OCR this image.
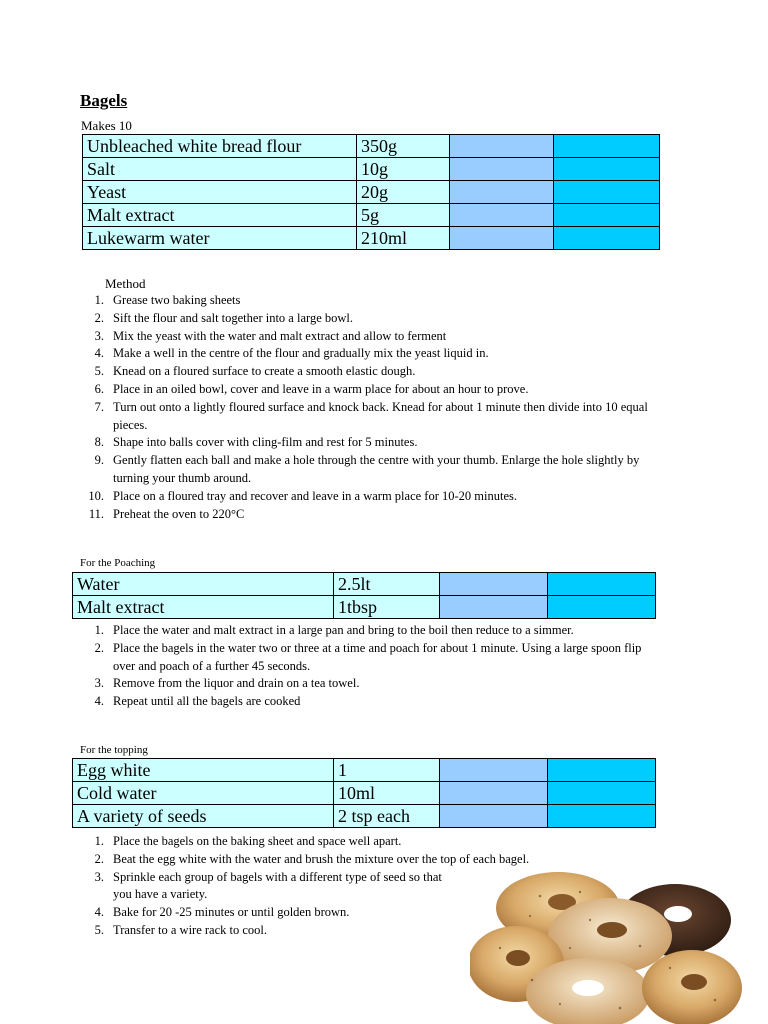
Bagels
Makes 10
Unbleached white bread flour	350g		
Salt	10g		
Yeast	20g		
Malt extract	5g		
Lukewarm water	210ml		
Method
1. Grease two baking sheets
2. Sift the flour and salt together into a large bowl.
3. Mix the yeast with the water and malt extract and allow to ferment
4. Make a well in the centre of the flour and gradually mix the yeast liquid in.
5. Knead on a floured surface to create a smooth elastic dough.
6. Place in an oiled bowl, cover and leave in a warm place for about an hour to prove.
7. Turn out onto a lightly floured surface and knock back. Knead for about 1 minute then divide into 10 equal pieces.
8. Shape into balls cover with cling-film and rest for 5 minutes.
9. Gently flatten each ball and make a hole through the centre with your thumb. Enlarge the hole slightly by turning your thumb around.
10. Place on a floured tray and recover and leave in a warm place for 10-20 minutes.
11. Preheat the oven to 220°C
For the Poaching
Water	2.5lt		
Malt extract	1tbsp		
1. Place the water and malt extract in a large pan and bring to the boil then reduce to a simmer.
2. Place the bagels in the water two or three at a time and poach for about 1 minute. Using a large spoon flip over and poach of a further 45 seconds.
3. Remove from the liquor and drain on a tea towel.
4. Repeat until all the bagels are cooked
For the topping
Egg white	1		
Cold water	10ml		
A variety of seeds	2 tsp each		
1. Place the bagels on the baking sheet and space well apart.
2. Beat the egg white with the water and brush the mixture over the top of each bagel.
3. Sprinkle each group of bagels with a different type of seed so that you have a variety.
4. Bake for 20 -25 minutes or until golden brown.
5. Transfer to a wire rack to cool.
